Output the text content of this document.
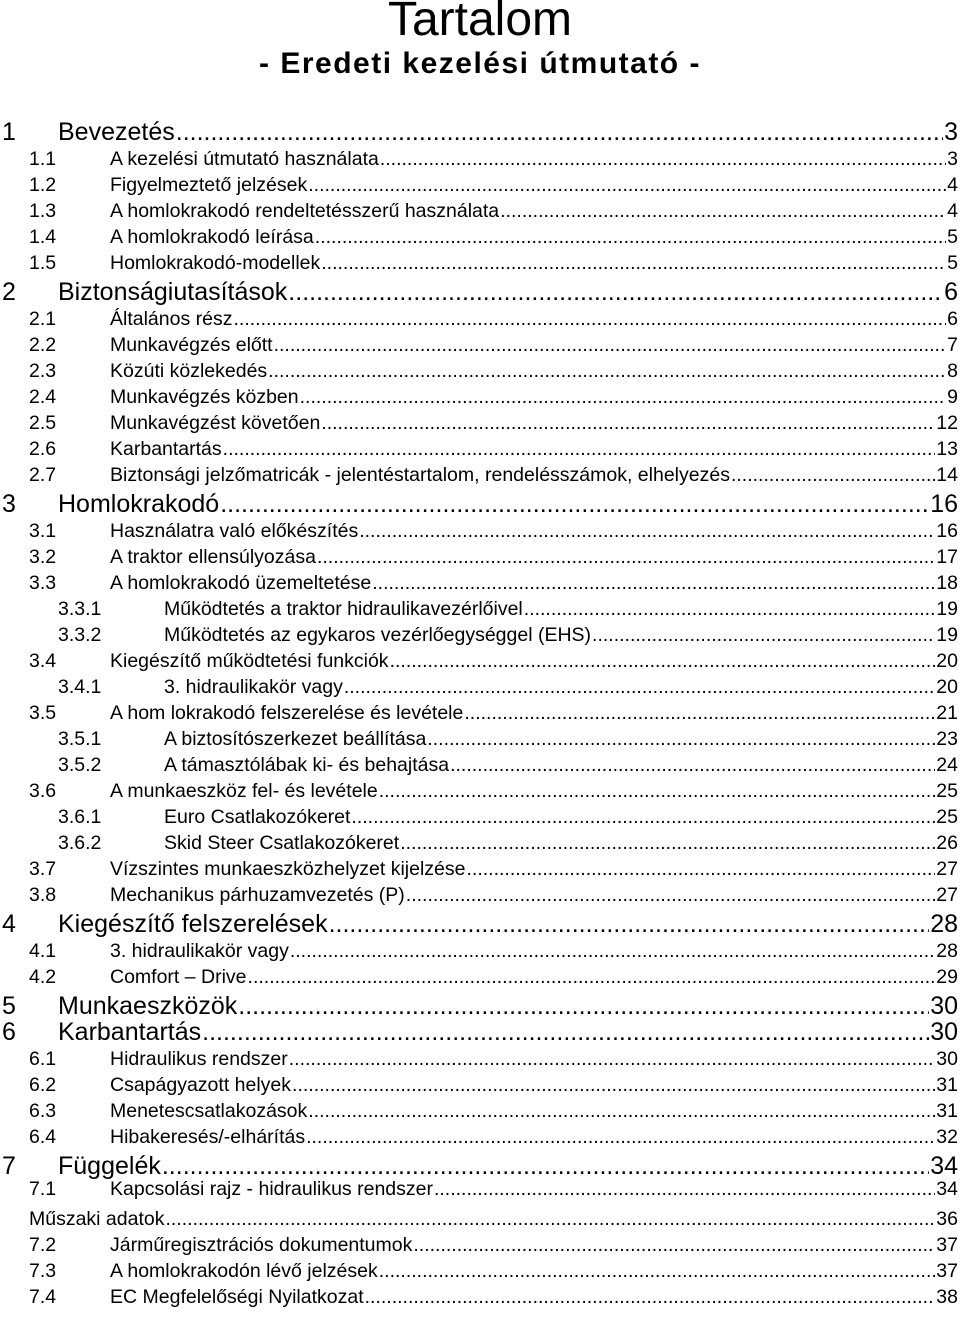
Tartalom
- Eredeti kezelési útmutató -
1	Bevezetés .....	3
1.1	A kezelési útmutató használata .....	3
1.2	Figyelmeztető jelzések .....	4
1.3	A homlokrakodó rendeltetésszerű használata .....	4
1.4	A homlokrakodó leírása .....	5
1.5	Homlokrakodó-modellek .....	5
2	Biztonságiutasítások .....	6
2.1	Általános rész .....	6
2.2	Munkavégzés előtt .....	7
2.3	Közúti közlekedés .....	8
2.4	Munkavégzés közben .....	9
2.5	Munkavégzést követően .....	12
2.6	Karbantartás .....	13
2.7	Biztonsági jelzőmatricák - jelentéstartalom, rendelésszámok, elhelyezés .....	14
3	Homlokrakodó .....	16
3.1	Használatra való előkészítés .....	16
3.2	A traktor ellensúlyozása .....	17
3.3	A homlokrakodó üzemeltetése .....	18
3.3.1	Működtetés a traktor hidraulikavezérlőivel .....	19
3.3.2	Működtetés az egykaros vezérlőegységgel (EHS) .....	19
3.4	Kiegészítő működtetési funkciók .....	20
3.4.1	3. hidraulikakör vagy .....	20
3.5	A hom lokrakodó felszerelése és levétele .....	21
3.5.1	A biztosítószerkezet beállítása .....	23
3.5.2	A támasztólábak ki- és behajtása .....	24
3.6	A munkaeszköz fel- és levétele .....	25
3.6.1	Euro Csatlakozókeret .....	25
3.6.2	Skid Steer Csatlakozókeret .....	26
3.7	Vízszintes munkaeszközhelyzet kijelzése .....	27
3.8	Mechanikus párhuzamvezetés (P) .....	27
4	Kiegészítő felszerelések .....	28
4.1	3. hidraulikakör vagy .....	28
4.2	Comfort – Drive .....	29
5	Munkaeszközök .....	30
6	Karbantartás .....	30
6.1	Hidraulikus rendszer .....	30
6.2	Csapágyazott helyek .....	31
6.3	Menetescsatlakozások .....	31
6.4	Hibakeresés/-elhárítás .....	32
7	Függelék .....	34
7.1	Kapcsolási rajz - hidraulikus rendszer .....	34
Műszaki adatok .....	36
7.2	Járműregisztrációs dokumentumok .....	37
7.3	A homlokrakodón lévő jelzések .....	37
7.4	EC Megfelelőségi Nyilatkozat .....	38
